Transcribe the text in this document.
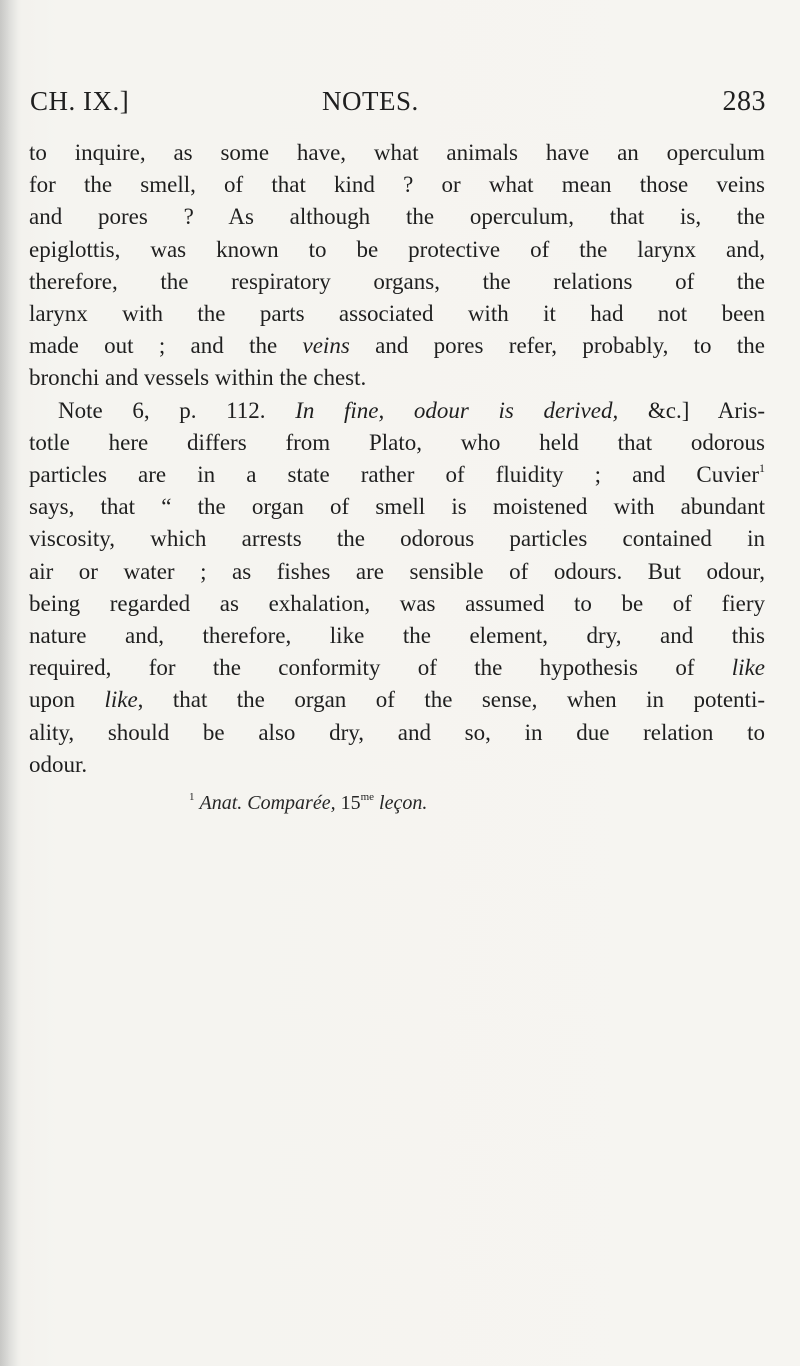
CH. IX.]	NOTES.	283
to inquire, as some have, what animals have an operculum
for the smell, of that kind ? or what mean those veins
and pores ? As although the operculum, that is, the
epiglottis, was known to be protective of the larynx and,
therefore, the respiratory organs, the relations of the
larynx with the parts associated with it had not been
made out ; and the veins and pores refer, probably, to the
bronchi and vessels within the chest.
Note 6, p. 112. In fine, odour is derived, &c.] Aris-
totle here differs from Plato, who held that odorous
particles are in a state rather of fluidity ; and Cuvier$^1$
says, that “ the organ of smell is moistened with abundant
viscosity, which arrests the odorous particles contained in
air or water ; as fishes are sensible of odours. But odour,
being regarded as exhalation, was assumed to be of fiery
nature and, therefore, like the element, dry, and this
required, for the conformity of the hypothesis of like
upon like, that the organ of the sense, when in potenti-
ality, should be also dry, and so, in due relation to
odour.
$^1$ Anat. Comparée, $15^{me}$ leçon.
